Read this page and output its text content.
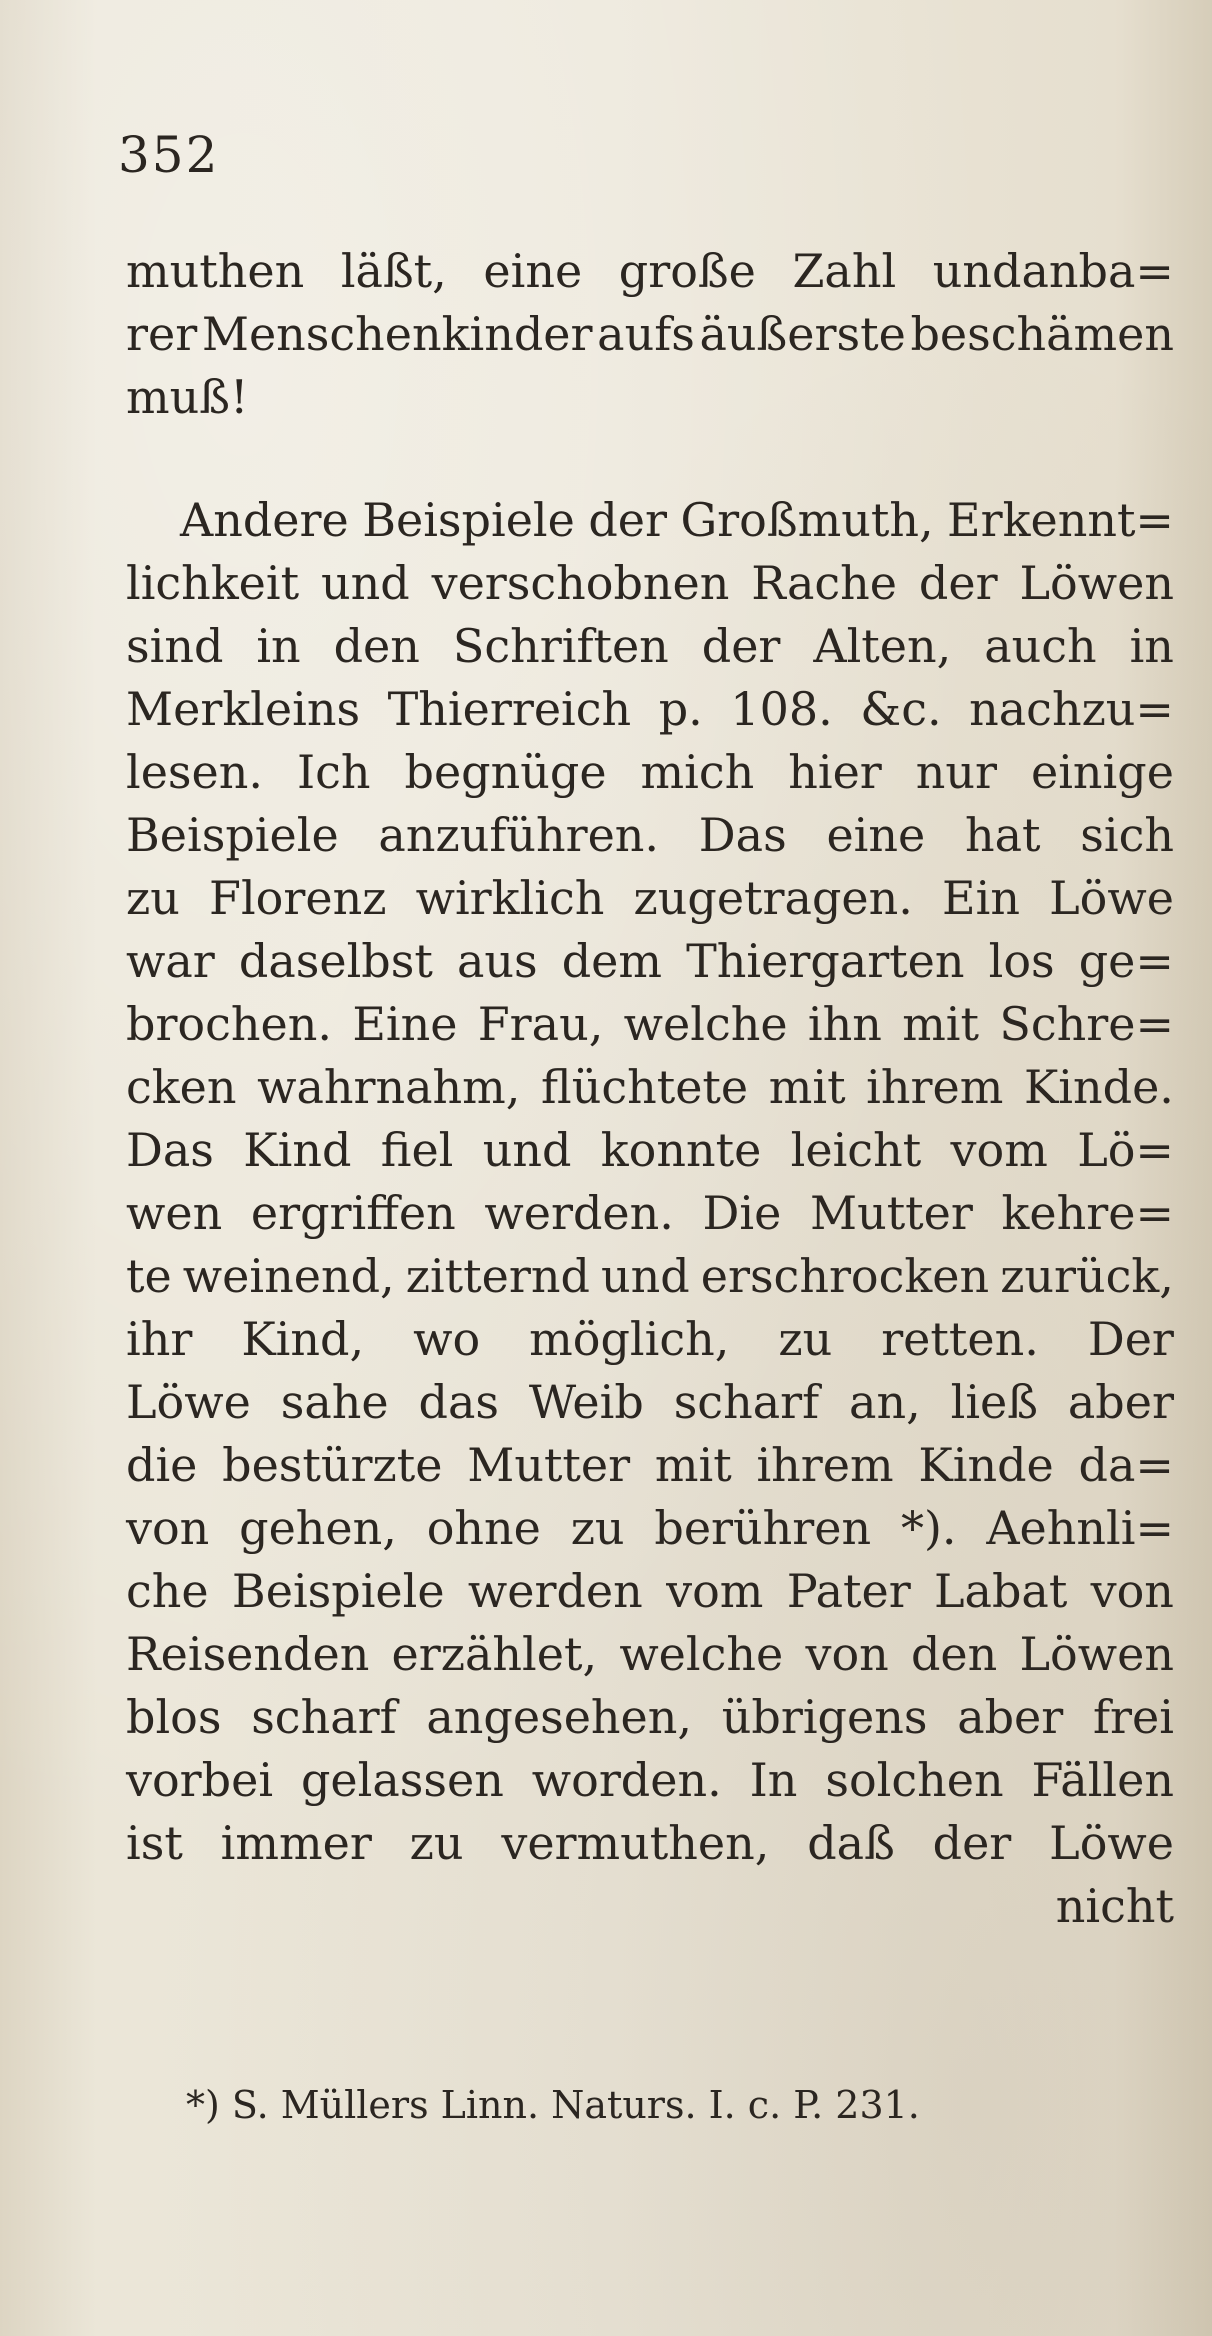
352
muthen läßt, eine große Zahl undanba=
rer Menschenkinder aufs äußerste beschämen
muß!
Andere Beispiele der Großmuth, Erkennt=
lichkeit und verschobnen Rache der Löwen
sind in den Schriften der Alten, auch in
Merkleins Thierreich p. 108. &c. nachzu=
lesen. Ich begnüge mich hier nur einige
Beispiele anzuführen. Das eine hat sich
zu Florenz wirklich zugetragen. Ein Löwe
war daselbst aus dem Thiergarten los ge=
brochen. Eine Frau, welche ihn mit Schre=
cken wahrnahm, flüchtete mit ihrem Kinde.
Das Kind fiel und konnte leicht vom Lö=
wen ergriffen werden. Die Mutter kehre=
te weinend, zitternd und erschrocken zurück,
ihr Kind, wo möglich, zu retten. Der
Löwe sahe das Weib scharf an, ließ aber
die bestürzte Mutter mit ihrem Kinde da=
von gehen, ohne zu berühren *). Aehnli=
che Beispiele werden vom Pater Labat von
Reisenden erzählet, welche von den Löwen
blos scharf angesehen, übrigens aber frei
vorbei gelassen worden. In solchen Fällen
ist immer zu vermuthen, daß der Löwe
nicht
*) S. Müllers Linn. Naturs. I. c. P. 231.
